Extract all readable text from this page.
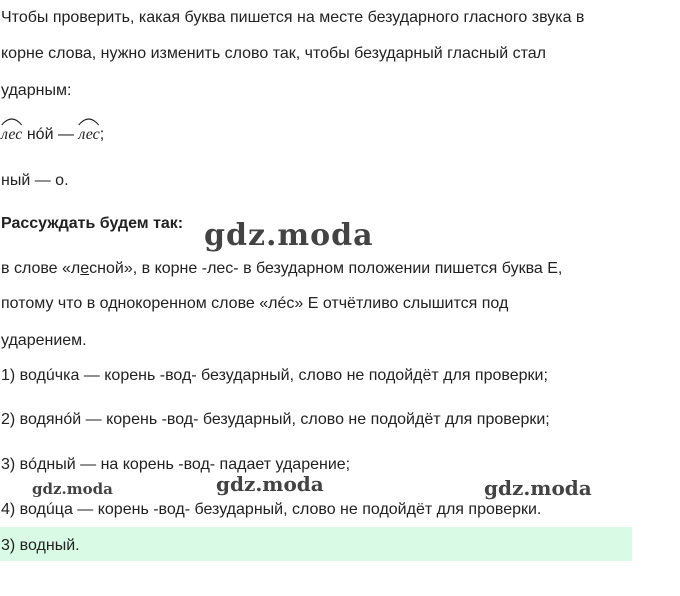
Чтобы проверить, какая буква пишется на месте безударного гласного звука в
корне слова, нужно изменить слово так, чтобы безударный гласный стал
ударным:
лес нóй — лес;
ный — о.
Рассуждать будем так:
в слове «лесной», в корне -лес- в безударном положении пишется буква Е,
потому что в однокоренном слове «лéс» Е отчётливо слышится под
ударением.
1) водúчка — корень -вод- безударный, слово не подойдёт для проверки;
2) водянóй — корень -вод- безударный, слово не подойдёт для проверки;
3) вóдный — на корень -вод- падает ударение;
4) водúца — корень -вод- безударный, слово не подойдёт для проверки.
3) водный.
gdz.moda
gdz.moda	gdz.moda	gdz.moda
